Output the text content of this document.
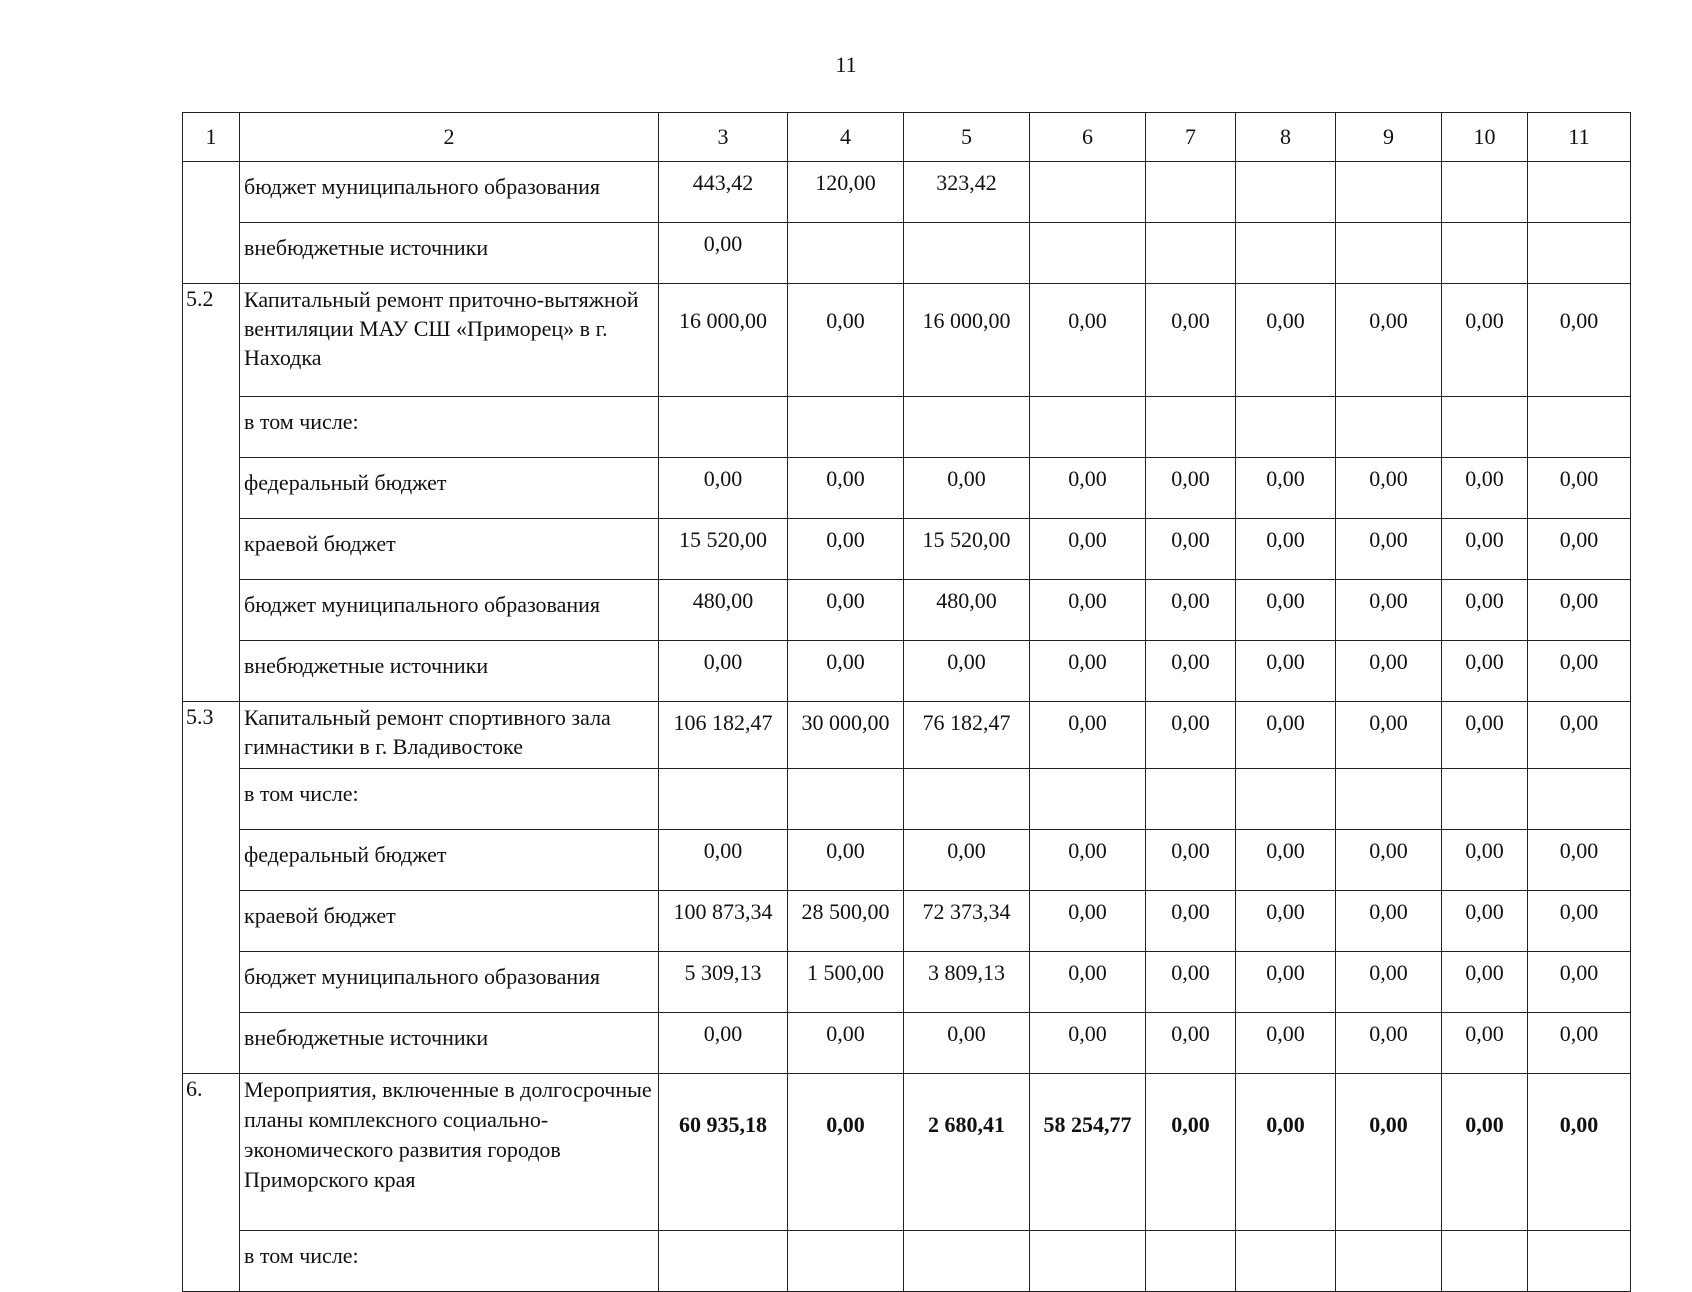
11
1	2	3	4	5	6	7	8	9	10	11
	бюджет муниципального образования	443,42	120,00	323,42						
	внебюджетные источники	0,00								
5.2	Капитальный ремонт приточно-вытяжной вентиляции МАУ СШ «Приморец» в г. Находка	16 000,00	0,00	16 000,00	0,00	0,00	0,00	0,00	0,00	0,00
	в том числе:									
	федеральный бюджет	0,00	0,00	0,00	0,00	0,00	0,00	0,00	0,00	0,00
	краевой бюджет	15 520,00	0,00	15 520,00	0,00	0,00	0,00	0,00	0,00	0,00
	бюджет муниципального образования	480,00	0,00	480,00	0,00	0,00	0,00	0,00	0,00	0,00
	внебюджетные источники	0,00	0,00	0,00	0,00	0,00	0,00	0,00	0,00	0,00
5.3	Капитальный ремонт спортивного зала гимнастики в г. Владивостоке	106 182,47	30 000,00	76 182,47	0,00	0,00	0,00	0,00	0,00	0,00
	в том числе:									
	федеральный бюджет	0,00	0,00	0,00	0,00	0,00	0,00	0,00	0,00	0,00
	краевой бюджет	100 873,34	28 500,00	72 373,34	0,00	0,00	0,00	0,00	0,00	0,00
	бюджет муниципального образования	5 309,13	1 500,00	3 809,13	0,00	0,00	0,00	0,00	0,00	0,00
	внебюджетные источники	0,00	0,00	0,00	0,00	0,00	0,00	0,00	0,00	0,00
6.	Мероприятия, включенные в долгосрочные планы комплексного социально-экономического развития городов Приморского края	60 935,18	0,00	2 680,41	58 254,77	0,00	0,00	0,00	0,00	0,00
	в том числе:									
